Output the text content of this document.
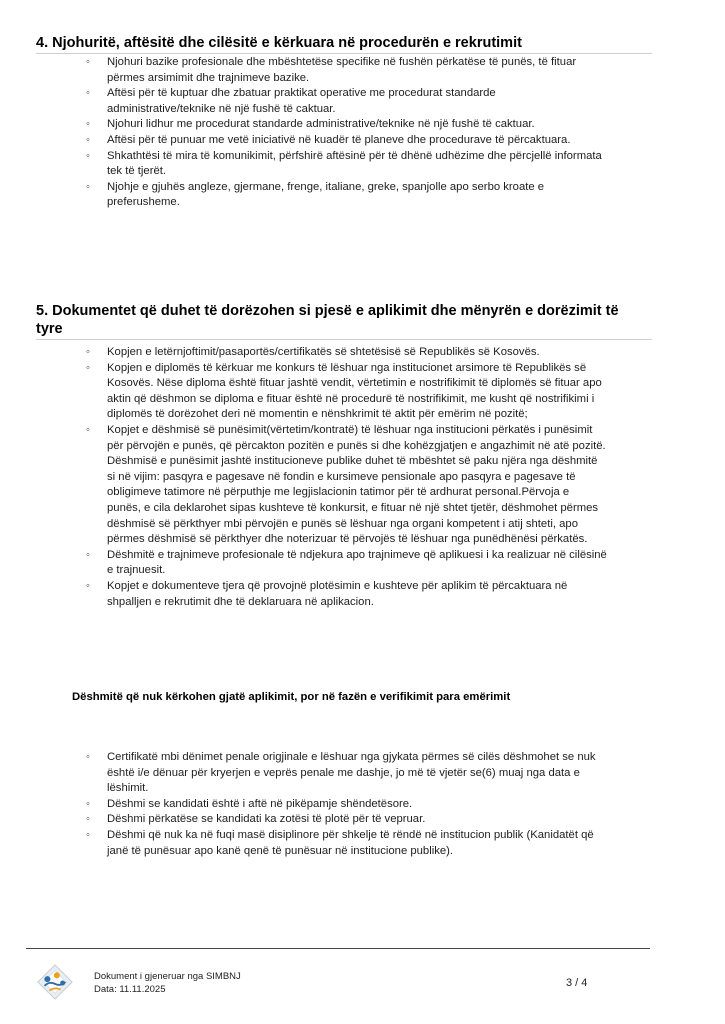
4. Njohuritë, aftësitë dhe cilësitë e kërkuara në procedurën e rekrutimit
◦ Njohuri bazike profesionale dhe mbështetëse specifike në fushën përkatëse të punës, të fituar
përmes arsimimit dhe trajnimeve bazike.
◦ Aftësi për të kuptuar dhe zbatuar praktikat operative me procedurat standarde
administrative/teknike në një fushë të caktuar.
◦ Njohuri lidhur me procedurat standarde administrative/teknike në një fushë të caktuar.
◦ Aftësi për të punuar me vetë iniciativë në kuadër të planeve dhe procedurave të përcaktuara.
◦ Shkathtësi të mira të komunikimit, përfshirë aftësinë për të dhënë udhëzime dhe përcjellë informata
tek të tjerët.
◦ Njohje e gjuhës angleze, gjermane, frenge, italiane, greke, spanjolle apo serbo kroate e
preferusheme.
5. Dokumentet që duhet të dorëzohen si pjesë e aplikimit dhe mënyrën e dorëzimit të
tyre
◦ Kopjen e letërnjoftimit/pasaportës/certifikatës së shtetësisë së Republikës së Kosovës.
◦ Kopjen e diplomës të kërkuar me konkurs të lëshuar nga institucionet arsimore të Republikës së
Kosovës. Nëse diploma është fituar jashtë vendit, vërtetimin e nostrifikimit të diplomës së fituar apo
aktin që dëshmon se diploma e fituar është në procedurë të nostrifikimit, me kusht që nostrifikimi i
diplomës të dorëzohet deri në momentin e nënshkrimit të aktit për emërim në pozitë;
◦ Kopjet e dëshmisë së punësimit(vërtetim/kontratë) të lëshuar nga institucioni përkatës i punësimit
për përvojën e punës, që përcakton pozitën e punës si dhe kohëzgjatjen e angazhimit në atë pozitë.
Dëshmisë e punësimit jashtë institucioneve publike duhet të mbështet së paku njëra nga dëshmitë
si në vijim: pasqyra e pagesave në fondin e kursimeve pensionale apo pasqyra e pagesave të
obligimeve tatimore në përputhje me legjislacionin tatimor për të ardhurat personal.Përvoja e
punës, e cila deklarohet sipas kushteve të konkursit, e fituar në një shtet tjetër, dëshmohet përmes
dëshmisë së përkthyer mbi përvojën e punës së lëshuar nga organi kompetent i atij shteti, apo
përmes dëshmisë së përkthyer dhe noterizuar të përvojës të lëshuar nga punëdhënësi përkatës.
◦ Dëshmitë e trajnimeve profesionale të ndjekura apo trajnimeve që aplikuesi i ka realizuar në cilësinë
e trajnuesit.
◦ Kopjet e dokumenteve tjera që provojnë plotësimin e kushteve për aplikim të përcaktuara në
shpalljen e rekrutimit dhe të deklaruara në aplikacion.
Dëshmitë që nuk kërkohen gjatë aplikimit, por në fazën e verifikimit para emërimit
◦ Certifikatë mbi dënimet penale origjinale e lëshuar nga gjykata përmes së cilës dëshmohet se nuk
është i/e dënuar për kryerjen e veprës penale me dashje, jo më të vjetër se(6) muaj nga data e
lëshimit.
◦ Dëshmi se kandidati është i aftë në pikëpamje shëndetësore.
◦ Dëshmi përkatëse se kandidati ka zotësi të plotë për të vepruar.
◦ Dëshmi që nuk ka në fuqi masë disiplinore për shkelje të rëndë në institucion publik (Kanidatët që
janë të punësuar apo kanë qenë të punësuar në institucione publike).
Dokument i gjeneruar nga SIMBNJ
Data: 11.11.2025
3 / 4
